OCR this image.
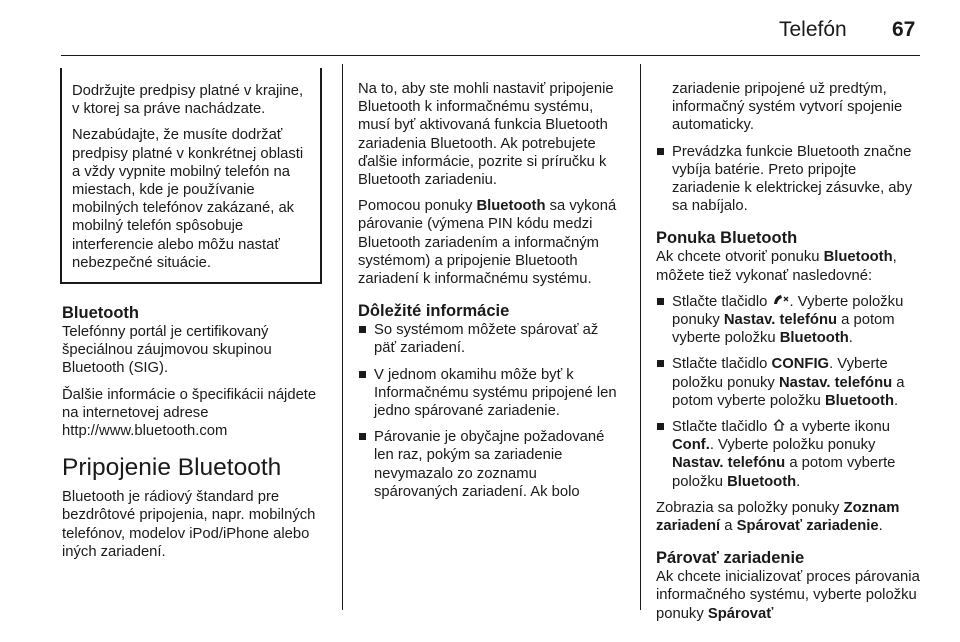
Telefón 67

Dodržujte predpisy platné v krajine, v ktorej sa práve nachádzate.

Nezabúdajte, že musíte dodržať predpisy platné v konkrétnej oblasti a vždy vypnite mobilný telefón na miestach, kde je používanie mobilných telefónov zakázané, ak mobilný telefón spôsobuje interferencie alebo môžu nastať nebezpečné situácie.

Bluetooth

Telefónny portál je certifikovaný špeciálnou záujmovou skupinou Bluetooth (SIG).

Ďalšie informácie o špecifikácii nájdete na internetovej adrese http://www.bluetooth.com

Pripojenie Bluetooth

Bluetooth je rádiový štandard pre bezdrôtové pripojenia, napr. mobilných telefónov, modelov iPod/iPhone alebo iných zariadení.

Na to, aby ste mohli nastaviť pripojenie Bluetooth k informačnému systému, musí byť aktivovaná funkcia Bluetooth zariadenia Bluetooth. Ak potrebujete ďalšie informácie, pozrite si príručku k Bluetooth zariadeniu.

Pomocou ponuky Bluetooth sa vykoná párovanie (výmena PIN kódu medzi Bluetooth zariadením a informačným systémom) a pripojenie Bluetooth zariadení k informačnému systému.

Dôležité informácie
So systémom môžete spárovať až päť zariadení.
V jednom okamihu môže byť k Informačnému systému pripojené len jedno spárované zariadenie.
Párovanie je obyčajne požadované len raz, pokým sa zariadenie nevymazalo zo zoznamu spárovaných zariadení. Ak bolo

zariadenie pripojené už predtým, informačný systém vytvorí spojenie automaticky.

Prevádzka funkcie Bluetooth značne vybíja batérie. Preto pripojte zariadenie k elektrickej zásuvke, aby sa nabíjalo.
Ponuka Bluetooth

Ak chcete otvoriť ponuku Bluetooth, môžete tiež vykonať nasledovné:

Stlačte tlačidlo . Vyberte položku ponuky Nastav. telefónu a potom vyberte položku Bluetooth.
Stlačte tlačidlo CONFIG. Vyberte položku ponuky Nastav. telefónu a potom vyberte položku Bluetooth.
Stlačte tlačidlo  a vyberte ikonu Conf.. Vyberte položku ponuky Nastav. telefónu a potom vyberte položku Bluetooth.

Zobrazia sa položky ponuky Zoznam zariadení a Spárovať zariadenie.

Párovať zariadenie

Ak chcete inicializovať proces párovania informačného systému, vyberte položku ponuky Spárovať
